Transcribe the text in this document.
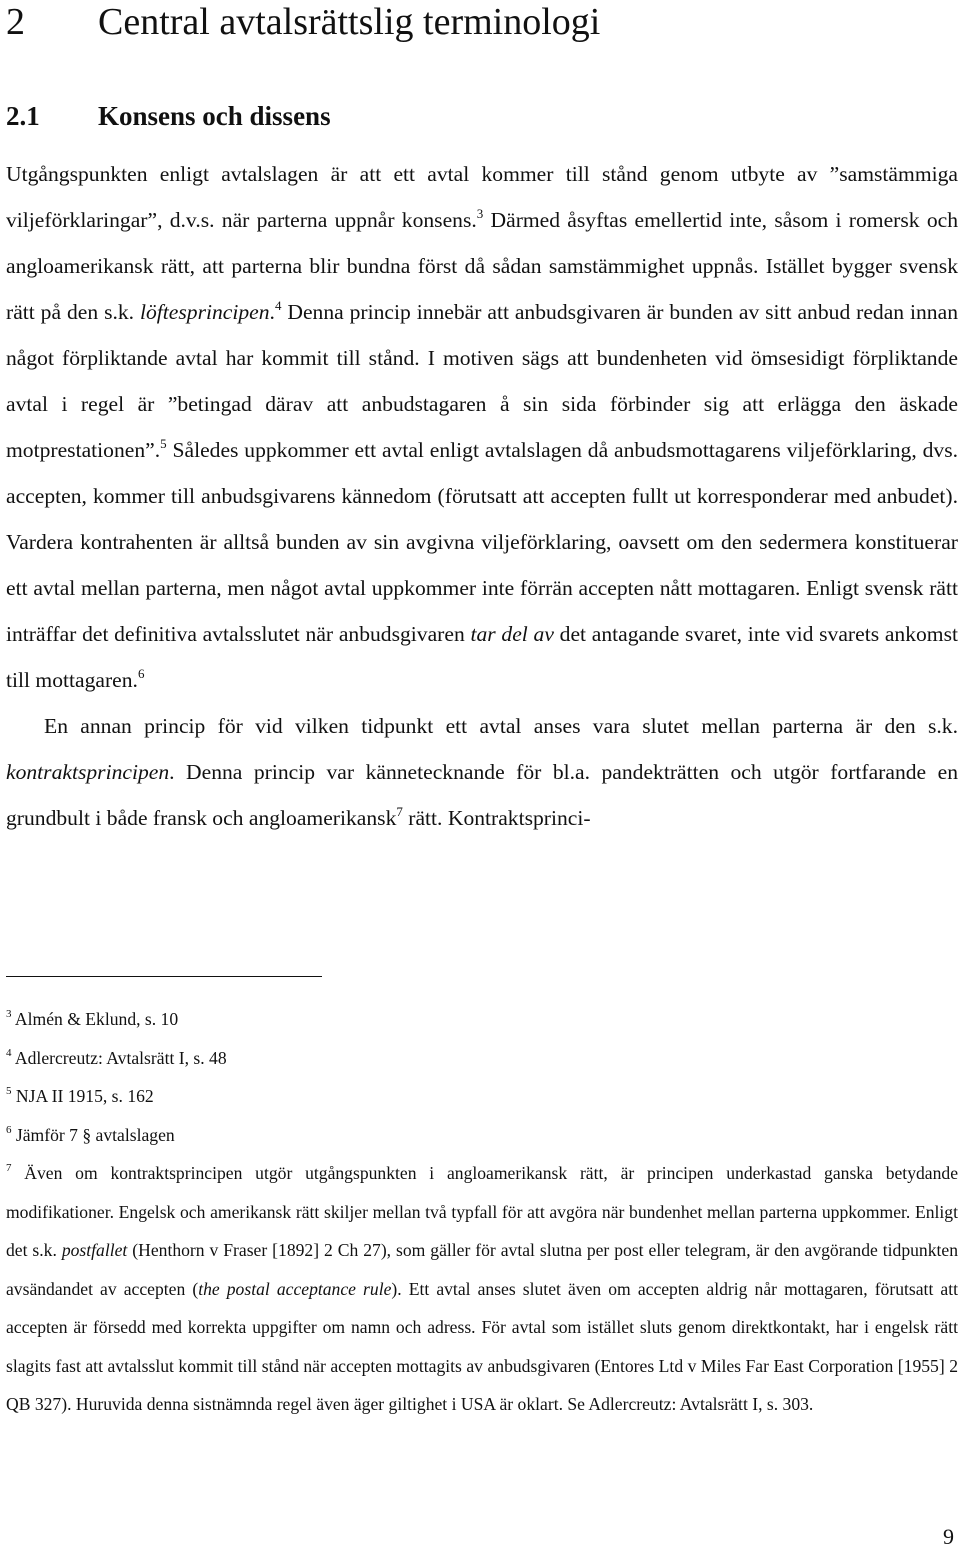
2 Central avtalsrättslig terminologi
2.1 Konsens och dissens

Utgångspunkten enligt avtalslagen är att ett avtal kommer till stånd genom utbyte av ”samstämmiga viljeförklaringar”, d.v.s. när parterna uppnår konsens.$^3$ Därmed åsyftas emellertid inte, såsom i romersk och angloamerikansk rätt, att parterna blir bundna först då sådan samstämmighet uppnås. Istället bygger svensk rätt på den s.k. löftesprincipen.$^4$ Denna princip innebär att anbudsgivaren är bunden av sitt anbud redan innan något förpliktande avtal har kommit till stånd. I motiven sägs att bundenheten vid ömsesidigt förpliktande avtal i regel är ”betingad därav att anbudstagaren å sin sida förbinder sig att erlägga den äskade motprestationen”.$^5$ Således uppkommer ett avtal enligt avtalslagen då anbudsmottagarens viljeförklaring, dvs. accepten, kommer till anbudsgivarens kännedom (förutsatt att accepten fullt ut korresponderar med anbudet). Vardera kontrahenten är alltså bunden av sin avgivna viljeförklaring, oavsett om den sedermera konstituerar ett avtal mellan parterna, men något avtal uppkommer inte förrän accepten nått mottagaren. Enligt svensk rätt inträffar det definitiva avtalsslutet när anbudsgivaren tar del av det antagande svaret, inte vid svarets ankomst till mottagaren.$^6$

En annan princip för vid vilken tidpunkt ett avtal anses vara slutet mellan parterna är den s.k. kontraktsprincipen. Denna princip var kännetecknande för bl.a. pandekträtten och utgör fortfarande en grundbult i både fransk och angloamerikansk$^7$ rätt. Kontraktsprinci-

$^3$ Almén & Eklund, s. 10

$^4$ Adlercreutz: Avtalsrätt I, s. 48

$^5$ NJA II 1915, s. 162

$^6$ Jämför 7 § avtalslagen

$^7$ Även om kontraktsprincipen utgör utgångspunkten i angloamerikansk rätt, är principen underkastad ganska betydande modifikationer. Engelsk och amerikansk rätt skiljer mellan två typfall för att avgöra när bundenhet mellan parterna uppkommer. Enligt det s.k. postfallet (Henthorn v Fraser [1892] 2 Ch 27), som gäller för avtal slutna per post eller telegram, är den avgörande tidpunkten avsändandet av accepten (the postal acceptance rule). Ett avtal anses slutet även om accepten aldrig når mottagaren, förutsatt att accepten är försedd med korrekta uppgifter om namn och adress. För avtal som istället sluts genom direktkontakt, har i engelsk rätt slagits fast att avtalsslut kommit till stånd när accepten mottagits av anbudsgivaren (Entores Ltd v Miles Far East Corporation [1955] 2 QB 327). Huruvida denna sistnämnda regel även äger giltighet i USA är oklart. Se Adlercreutz: Avtalsrätt I, s. 303.

9
